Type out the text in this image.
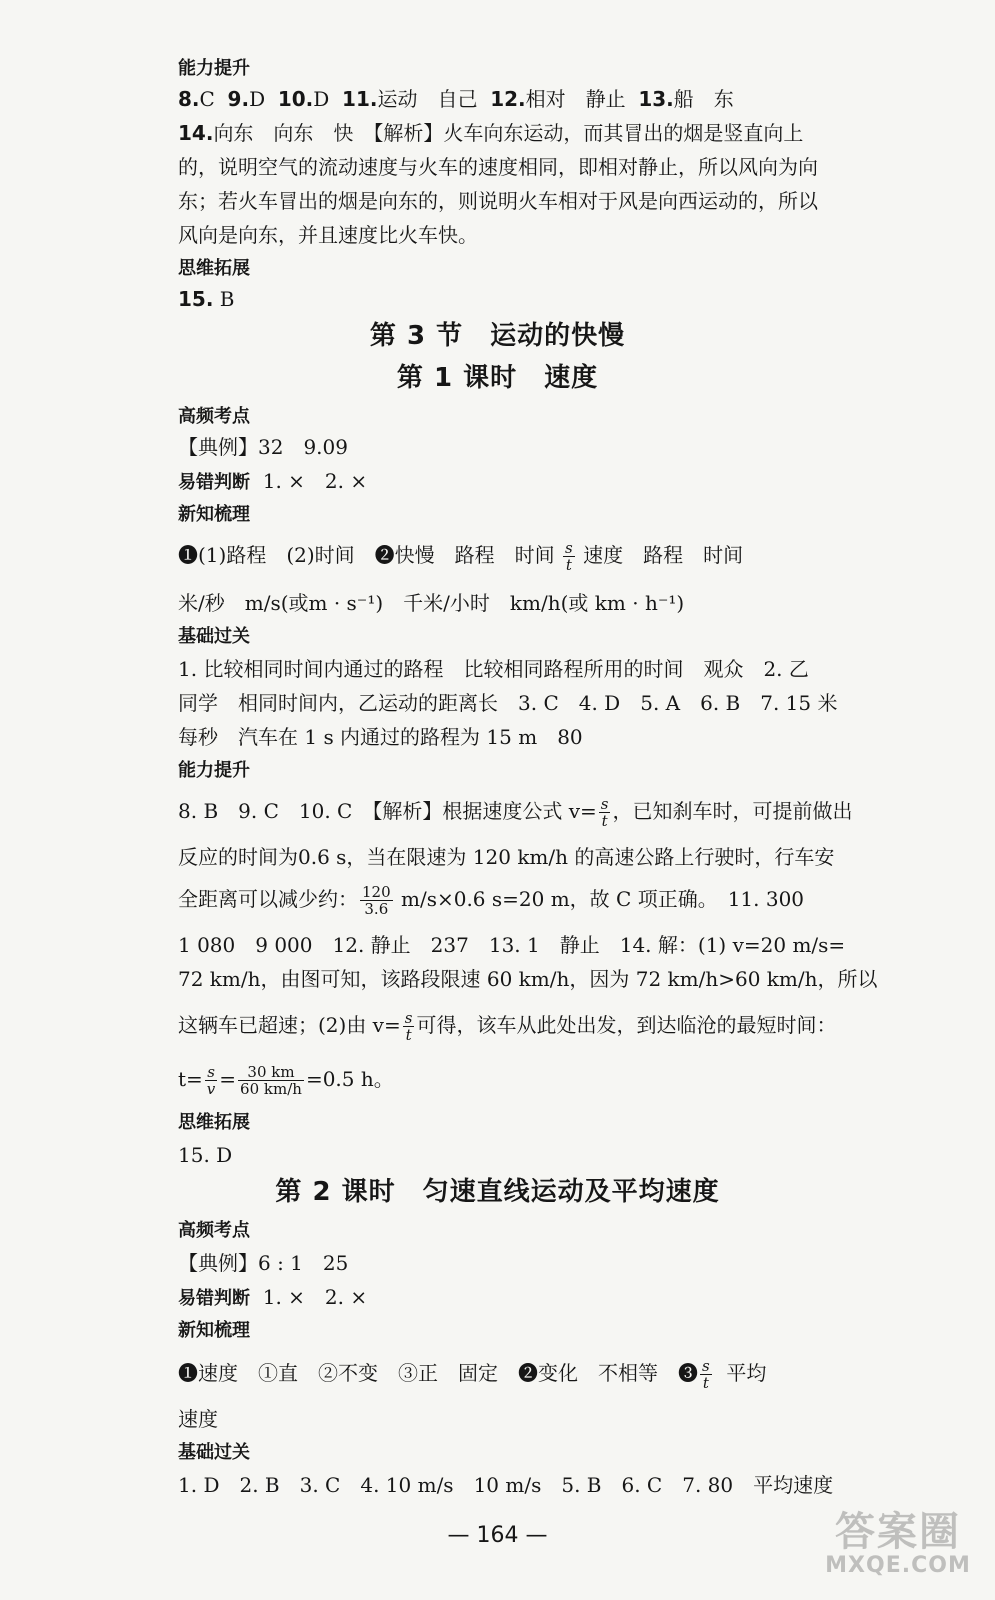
能力提升
8.C 9.D 10.D 11.运动　自己 12.相对　静止 13.船　东
14.向东　向东　快　【解析】火车向东运动，而其冒出的烟是竖直向上
的，说明空气的流动速度与火车的速度相同，即相对静止，所以风向为向
东；若火车冒出的烟是向东的，则说明火车相对于风是向西运动的，所以
风向是向东，并且速度比火车快。
思维拓展
15. B
第 3 节　运动的快慢
第 1 课时　速度
高频考点
【典例】32　9.09
易错判断 1. ×　2. ×
新知梳理
❶(1)路程　(2)时间　❷快慢　路程　时间 $\frac{s}{t}$ 速度　路程　时间
米/秒　m/s(或m · s⁻¹)　千米/小时　km/h(或 km · h⁻¹)
基础过关
1. 比较相同时间内通过的路程　比较相同路程所用的时间　观众　2. 乙
同学　相同时间内，乙运动的距离长　3. C　4. D　5. A　6. B　7. 15 米
每秒　汽车在 1 s 内通过的路程为 15 m　80
能力提升
8. B　9. C　10. C　【解析】根据速度公式 $v= \frac{s}{t}$ ，已知刹车时，可提前做出
反应的时间为0.6 s，当在限速为 120 km/h 的高速公路上行驶时，行车安
全距离可以减少约： $\frac{120}{3.6} m/s\times 0.6$ s=20 m，故 C 项正确。　11. 300
1 080　9 000　12. 静止　237　13. 1　静止　14. 解：(1) v=20 m/s=
72 km/h，由图可知，该路段限速 60 km/h，因为 72 km/h>60 km/h，所以
这辆车已超速；(2)由 $v= \frac{s}{t}$ 可得，该车从此处出发，到达临沧的最短时间：
$t= \frac{s}{v} = \frac{30 km}{60 km/h} =0.5$ h。
思维拓展
15. D
第 2 课时　匀速直线运动及平均速度
高频考点
【典例】6 : 1　25
易错判断 1. ×　2. ×
新知梳理
❶速度　①直　②不变　③正　固定　❷变化　不相等　❸ $\frac{s}{t}$ 平均
速度
基础过关
1. D　2. B　3. C　4. 10 m/s　10 m/s　5. B　6. C　7. 80　平均速度
— 164 —	答案圈
MXQE.COM
